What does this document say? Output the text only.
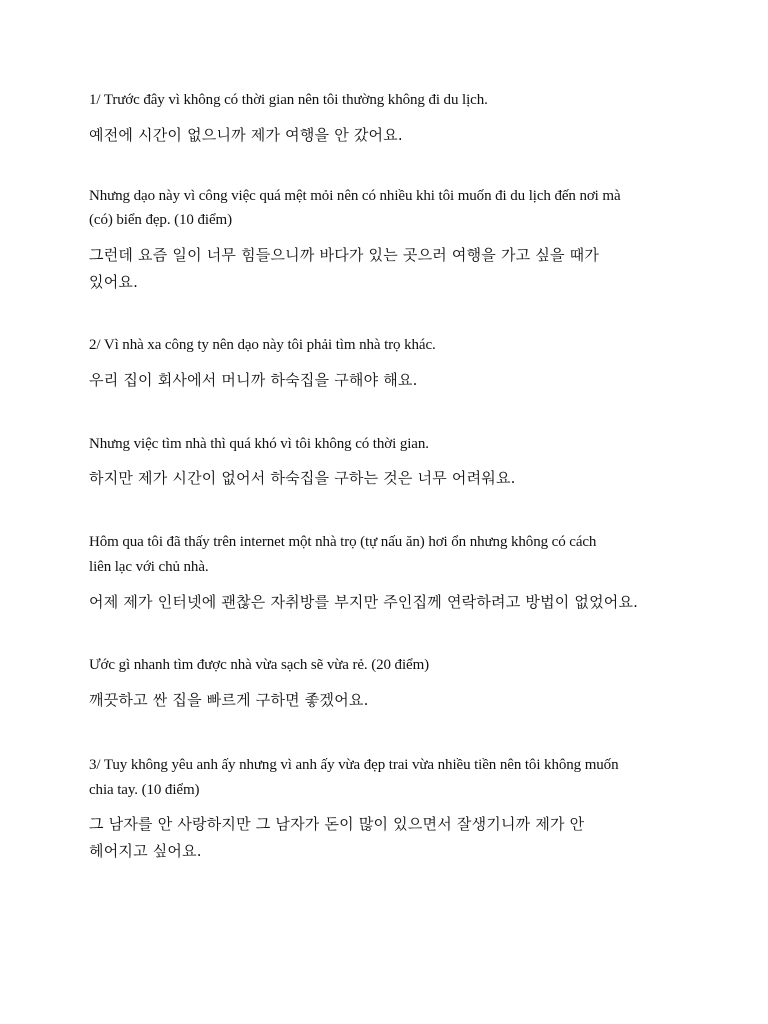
1/ Trước đây vì không có thời gian nên tôi thường không đi du lịch.
예전에 시간이 없으니까 제가 여행을 안 갔어요.
Nhưng dạo này vì công việc quá mệt mỏi nên có nhiều khi tôi muốn đi du lịch đến nơi mà
(có) biển đẹp. (10 điểm)
그런데 요즘 일이 너무 힘들으니까 바다가 있는 곳으러 여행을 가고 싶을 때가
있어요.
2/ Vì nhà xa công ty nên dạo này tôi phải tìm nhà trọ khác.
우리 집이 회사에서 머니까 하숙집을 구해야 해요.
Nhưng việc tìm nhà thì quá khó vì tôi không có thời gian.
하지만 제가 시간이 없어서 하숙집을 구하는 것은 너무 어려워요.
Hôm qua tôi đã thấy trên internet một nhà trọ (tự nấu ăn) hơi ổn nhưng không có cách
liên lạc với chủ nhà.
어제 제가 인터넷에 괜찮은 자취방를 부지만 주인집께 연락하려고 방법이 없었어요.
Ước gì nhanh tìm được nhà vừa sạch sẽ vừa rẻ. (20 điểm)
깨끗하고 싼 집을 빠르게 구하면 좋겠어요.
3/ Tuy không yêu anh ấy nhưng vì anh ấy vừa đẹp trai vừa nhiều tiền nên tôi không muốn
chia tay. (10 điểm)
그 남자를 안 사랑하지만 그 남자가 돈이 많이 있으면서 잘생기니까 제가 안
헤어지고 싶어요.
